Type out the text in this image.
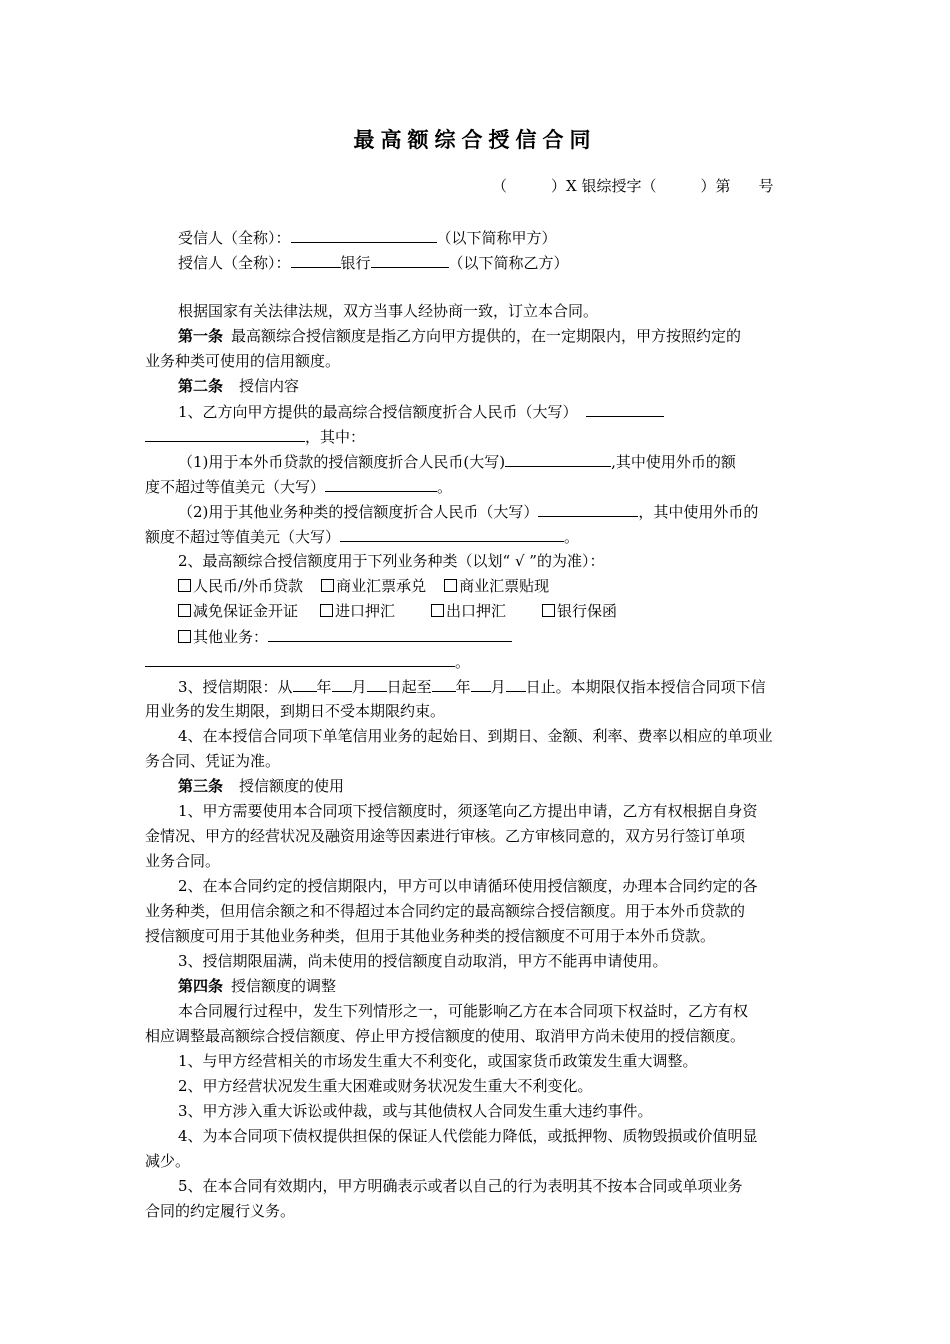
最高额综合授信合同
（	）X 银综授字（	）第 号
受信人（全称）：	（以下简称甲方）
授信人（全称）：	银行	（以下简称乙方）
根据国家有关法律法规，双方当事人经协商一致，订立本合同。
第一条 最高额综合授信额度是指乙方向甲方提供的，在一定期限内，甲方按照约定的
业务种类可使用的信用额度。
第二条 授信内容
1、乙方向甲方提供的最高综合授信额度折合人民币（大写）
，其中：
（1)用于本外币贷款的授信额度折合人民币(大写)	,其中使用外币的额
度不超过等值美元（大写）	。
（2)用于其他业务种类的授信额度折合人民币（大写）	，其中使用外币的
额度不超过等值美元（大写）	。
2、最高额综合授信额度用于下列业务种类（以划“ √ ”的为准）：
人民币/外币贷款 商业汇票承兑 商业汇票贴现
减免保证金开证 进口押汇	出口押汇	银行保函
其他业务：
。
3、授信期限：从 年 月 日起至 年 月 日止。本期限仅指本授信合同项下信
用业务的发生期限，到期日不受本期限约束。
4、在本授信合同项下单笔信用业务的起始日、到期日、金额、利率、费率以相应的单项业
务合同、凭证为准。
第三条 授信额度的使用
1、甲方需要使用本合同项下授信额度时，须逐笔向乙方提出申请，乙方有权根据自身资
金情况、甲方的经营状况及融资用途等因素进行审核。乙方审核同意的，双方另行签订单项
业务合同。
2、在本合同约定的授信期限内，甲方可以申请循环使用授信额度，办理本合同约定的各
业务种类，但用信余额之和不得超过本合同约定的最高额综合授信额度。用于本外币贷款的
授信额度可用于其他业务种类，但用于其他业务种类的授信额度不可用于本外币贷款。
3、授信期限届满，尚未使用的授信额度自动取消，甲方不能再申请使用。
第四条 授信额度的调整
本合同履行过程中，发生下列情形之一，可能影响乙方在本合同项下权益时，乙方有权
相应调整最高额综合授信额度、停止甲方授信额度的使用、取消甲方尚未使用的授信额度。
1、与甲方经营相关的市场发生重大不利变化，或国家货币政策发生重大调整。
2、甲方经营状况发生重大困难或财务状况发生重大不利变化。
3、甲方涉入重大诉讼或仲裁，或与其他债权人合同发生重大违约事件。
4、为本合同项下债权提供担保的保证人代偿能力降低，或抵押物、质物毁损或价值明显
减少。
5、在本合同有效期内，甲方明确表示或者以自己的行为表明其不按本合同或单项业务
合同的约定履行义务。
